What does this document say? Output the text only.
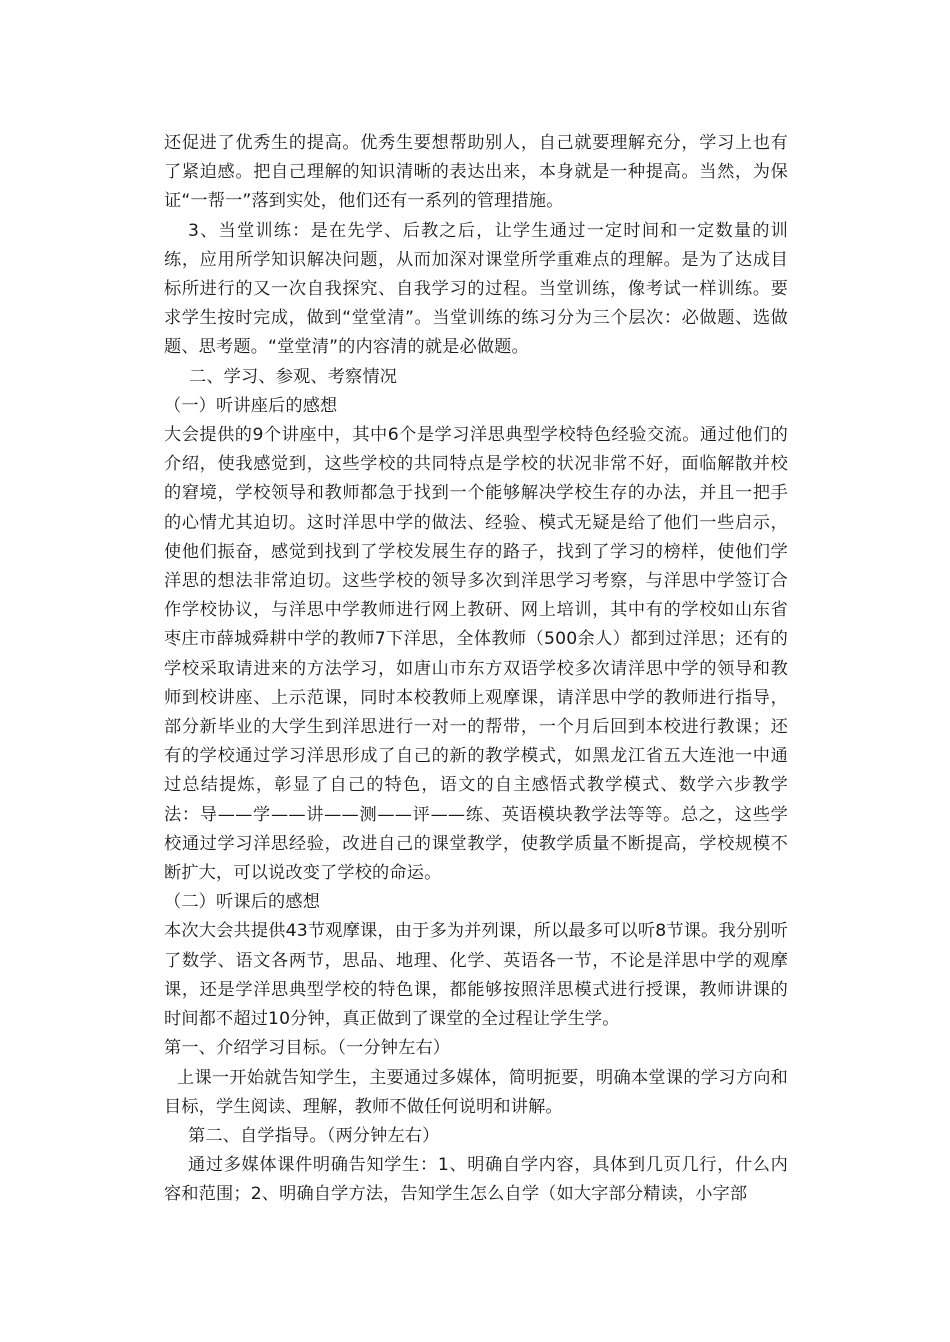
还促进了优秀生的提高。优秀生要想帮助别人，自己就要理解充分，学习上也有了紧迫感。把自己理解的知识清晰的表达出来，本身就是一种提高。当然，为保证“一帮一”落到实处，他们还有一系列的管理措施。

3、当堂训练：是在先学、后教之后，让学生通过一定时间和一定数量的训练，应用所学知识解决问题，从而加深对课堂所学重难点的理解。是为了达成目标所进行的又一次自我探究、自我学习的过程。当堂训练，像考试一样训练。要求学生按时完成，做到“堂堂清”。当堂训练的练习分为三个层次：必做题、选做题、思考题。“堂堂清”的内容清的就是必做题。

二、学习、参观、考察情况

（一）听讲座后的感想

大会提供的9个讲座中，其中6个是学习洋思典型学校特色经验交流。通过他们的介绍，使我感觉到，这些学校的共同特点是学校的状况非常不好，面临解散并校的窘境，学校领导和教师都急于找到一个能够解决学校生存的办法，并且一把手的心情尤其迫切。这时洋思中学的做法、经验、模式无疑是给了他们一些启示，使他们振奋，感觉到找到了学校发展生存的路子，找到了学习的榜样，使他们学洋思的想法非常迫切。这些学校的领导多次到洋思学习考察，与洋思中学签订合作学校协议，与洋思中学教师进行网上教研、网上培训，其中有的学校如山东省枣庄市薛城舜耕中学的教师7下洋思，全体教师（500余人）都到过洋思；还有的学校采取请进来的方法学习，如唐山市东方双语学校多次请洋思中学的领导和教师到校讲座、上示范课，同时本校教师上观摩课，请洋思中学的教师进行指导，部分新毕业的大学生到洋思进行一对一的帮带，一个月后回到本校进行教课；还有的学校通过学习洋思形成了自己的新的教学模式，如黑龙江省五大连池一中通过总结提炼，彰显了自己的特色，语文的自主感悟式教学模式、数学六步教学法：导——学——讲——测——评——练、英语模块教学法等等。总之，这些学校通过学习洋思经验，改进自己的课堂教学，使教学质量不断提高，学校规模不断扩大，可以说改变了学校的命运。

（二）听课后的感想

本次大会共提供43节观摩课，由于多为并列课，所以最多可以听8节课。我分别听了数学、语文各两节，思品、地理、化学、英语各一节，不论是洋思中学的观摩课，还是学洋思典型学校的特色课，都能够按照洋思模式进行授课，教师讲课的时间都不超过10分钟，真正做到了课堂的全过程让学生学。

第一、介绍学习目标。（一分钟左右）

上课一开始就告知学生，主要通过多媒体，简明扼要，明确本堂课的学习方向和目标，学生阅读、理解，教师不做任何说明和讲解。

第二、自学指导。（两分钟左右）

通过多媒体课件明确告知学生：1、明确自学内容，具体到几页几行，什么内容和范围；2、明确自学方法，告知学生怎么自学（如大字部分精读，小字部
